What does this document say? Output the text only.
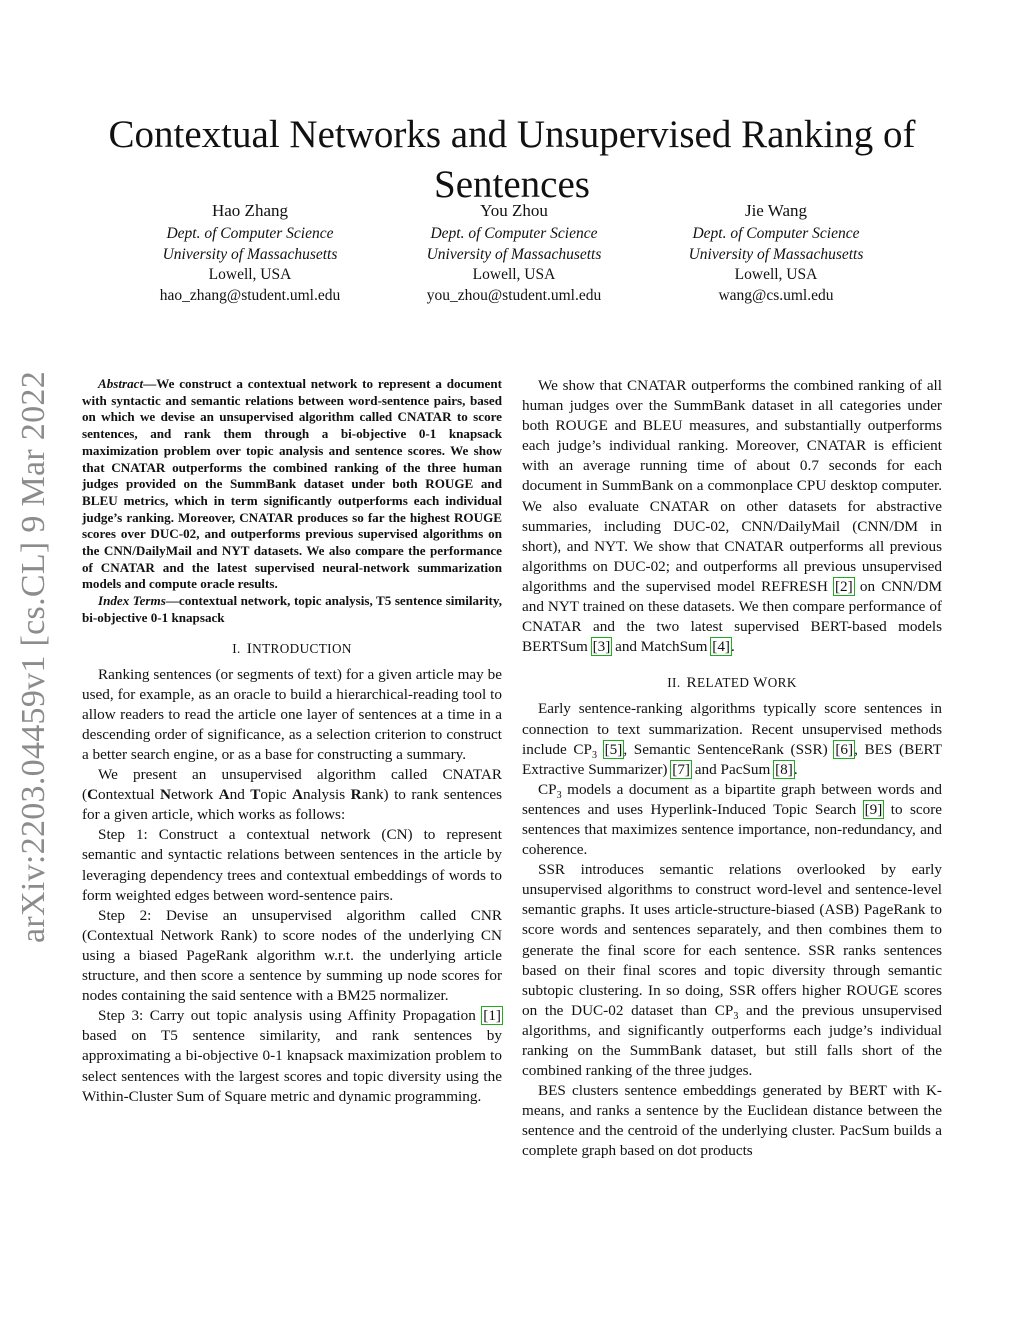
Contextual Networks and Unsupervised Ranking of Sentences
Hao Zhang
Dept. of Computer Science
University of Massachusetts
Lowell, USA
hao_zhang@student.uml.edu
You Zhou
Dept. of Computer Science
University of Massachusetts
Lowell, USA
you_zhou@student.uml.edu
Jie Wang
Dept. of Computer Science
University of Massachusetts
Lowell, USA
wang@cs.uml.edu
arXiv:2203.04459v1 [cs.CL] 9 Mar 2022	Abstract—We construct a contextual network to represent a document with syntactic and semantic relations between word-sentence pairs, based on which we devise an unsupervised algorithm called CNATAR to score sentences, and rank them through a bi-objective 0-1 knapsack maximization problem over topic analysis and sentence scores. We show that CNATAR outperforms the combined ranking of the three human judges provided on the SummBank dataset under both ROUGE and BLEU metrics, which in term significantly outperforms each individual judge’s ranking. Moreover, CNATAR produces so far the highest ROUGE scores over DUC-02, and outperforms previous supervised algorithms on the CNN/DailyMail and NYT datasets. We also compare the performance of CNATAR and the latest supervised neural-network summarization models and compute oracle results.
Index Terms—contextual network, topic analysis, T5 sentence similarity, bi-objective 0-1 knapsack
I. INTRODUCTION

Ranking sentences (or segments of text) for a given article may be used, for example, as an oracle to build a hierarchical-reading tool to allow readers to read the article one layer of sentences at a time in a descending order of significance, as a selection criterion to construct a better search engine, or as a base for constructing a summary.

We present an unsupervised algorithm called CNATAR (Contextual Network And Topic Analysis Rank) to rank sentences for a given article, which works as follows:

Step 1: Construct a contextual network (CN) to represent semantic and syntactic relations between sentences in the article by leveraging dependency trees and contextual embeddings of words to form weighted edges between word-sentence pairs.

Step 2: Devise an unsupervised algorithm called CNR (Contextual Network Rank) to score nodes of the underlying CN using a biased PageRank algorithm w.r.t. the underlying article structure, and then score a sentence by summing up node scores for nodes containing the said sentence with a BM25 normalizer.

Step 3: Carry out topic analysis using Affinity Propagation [1] based on T5 sentence similarity, and rank sentences by approximating a bi-objective 0-1 knapsack maximization problem to select sentences with the largest scores and topic diversity using the Within-Cluster Sum of Square metric and dynamic programming.

We show that CNATAR outperforms the combined ranking of all human judges over the SummBank dataset in all categories under both ROUGE and BLEU measures, and substantially outperforms each judge’s individual ranking. Moreover, CNATAR is efficient with an average running time of about 0.7 seconds for each document in SummBank on a commonplace CPU desktop computer. We also evaluate CNATAR on other datasets for abstractive summaries, including DUC-02, CNN/DailyMail (CNN/DM in short), and NYT. We show that CNATAR outperforms all previous algorithms on DUC-02; and outperforms all previous unsupervised algorithms and the supervised model REFRESH [2] on CNN/DM and NYT trained on these datasets. We then compare performance of CNATAR and the two latest supervised BERT-based models BERTSum [3] and MatchSum [4].

II. RELATED WORK

Early sentence-ranking algorithms typically score sentences in connection to text summarization. Recent unsupervised methods include $CP_3$ [5], Semantic SentenceRank (SSR) [6], BES (BERT Extractive Summarizer) [7] and PacSum [8].

$CP_3$ models a document as a bipartite graph between words and sentences and uses Hyperlink-Induced Topic Search [9] to score sentences that maximizes sentence importance, non-redundancy, and coherence.

SSR introduces semantic relations overlooked by early unsupervised algorithms to construct word-level and sentence-level semantic graphs. It uses article-structure-biased (ASB) PageRank to score words and sentences separately, and then combines them to generate the final score for each sentence. SSR ranks sentences based on their final scores and topic diversity through semantic subtopic clustering. In so doing, SSR offers higher ROUGE scores on the DUC-02 dataset than $CP_3$ and the previous unsupervised algorithms, and significantly outperforms each judge’s individual ranking on the SummBank dataset, but still falls short of the combined ranking of the three judges.

BES clusters sentence embeddings generated by BERT with K-means, and ranks a sentence by the Euclidean distance between the sentence and the centroid of the underlying cluster. PacSum builds a complete graph based on dot products
